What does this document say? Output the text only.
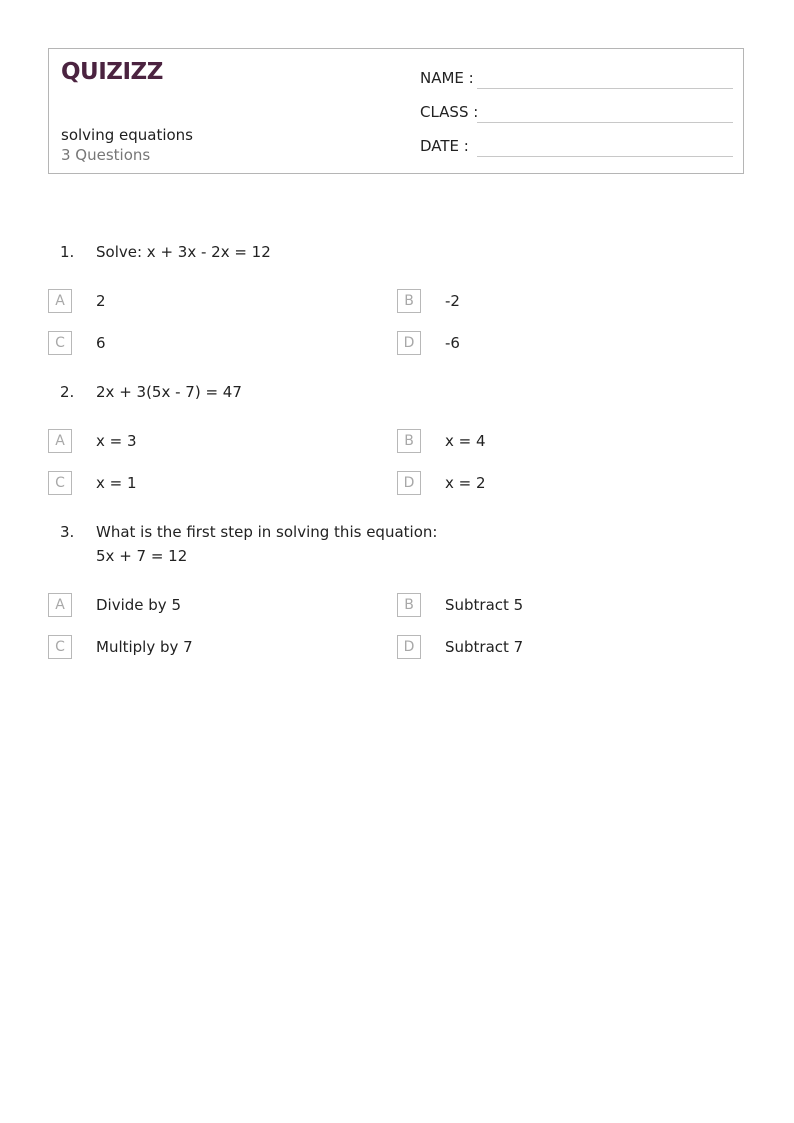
QUIZIZZ
solving equations
3 Questions
NAME :
CLASS :
DATE :
1. Solve: x + 3x - 2x = 12
A	2	B	-2
C	6	D	-6
2. 2x + 3(5x - 7) = 47
A	x = 3	B	x = 4
C	x = 1	D	x = 2
3. What is the first step in solving this equation:
5x + 7 = 12
A	Divide by 5	B	Subtract 5
C	Multiply by 7	D	Subtract 7
